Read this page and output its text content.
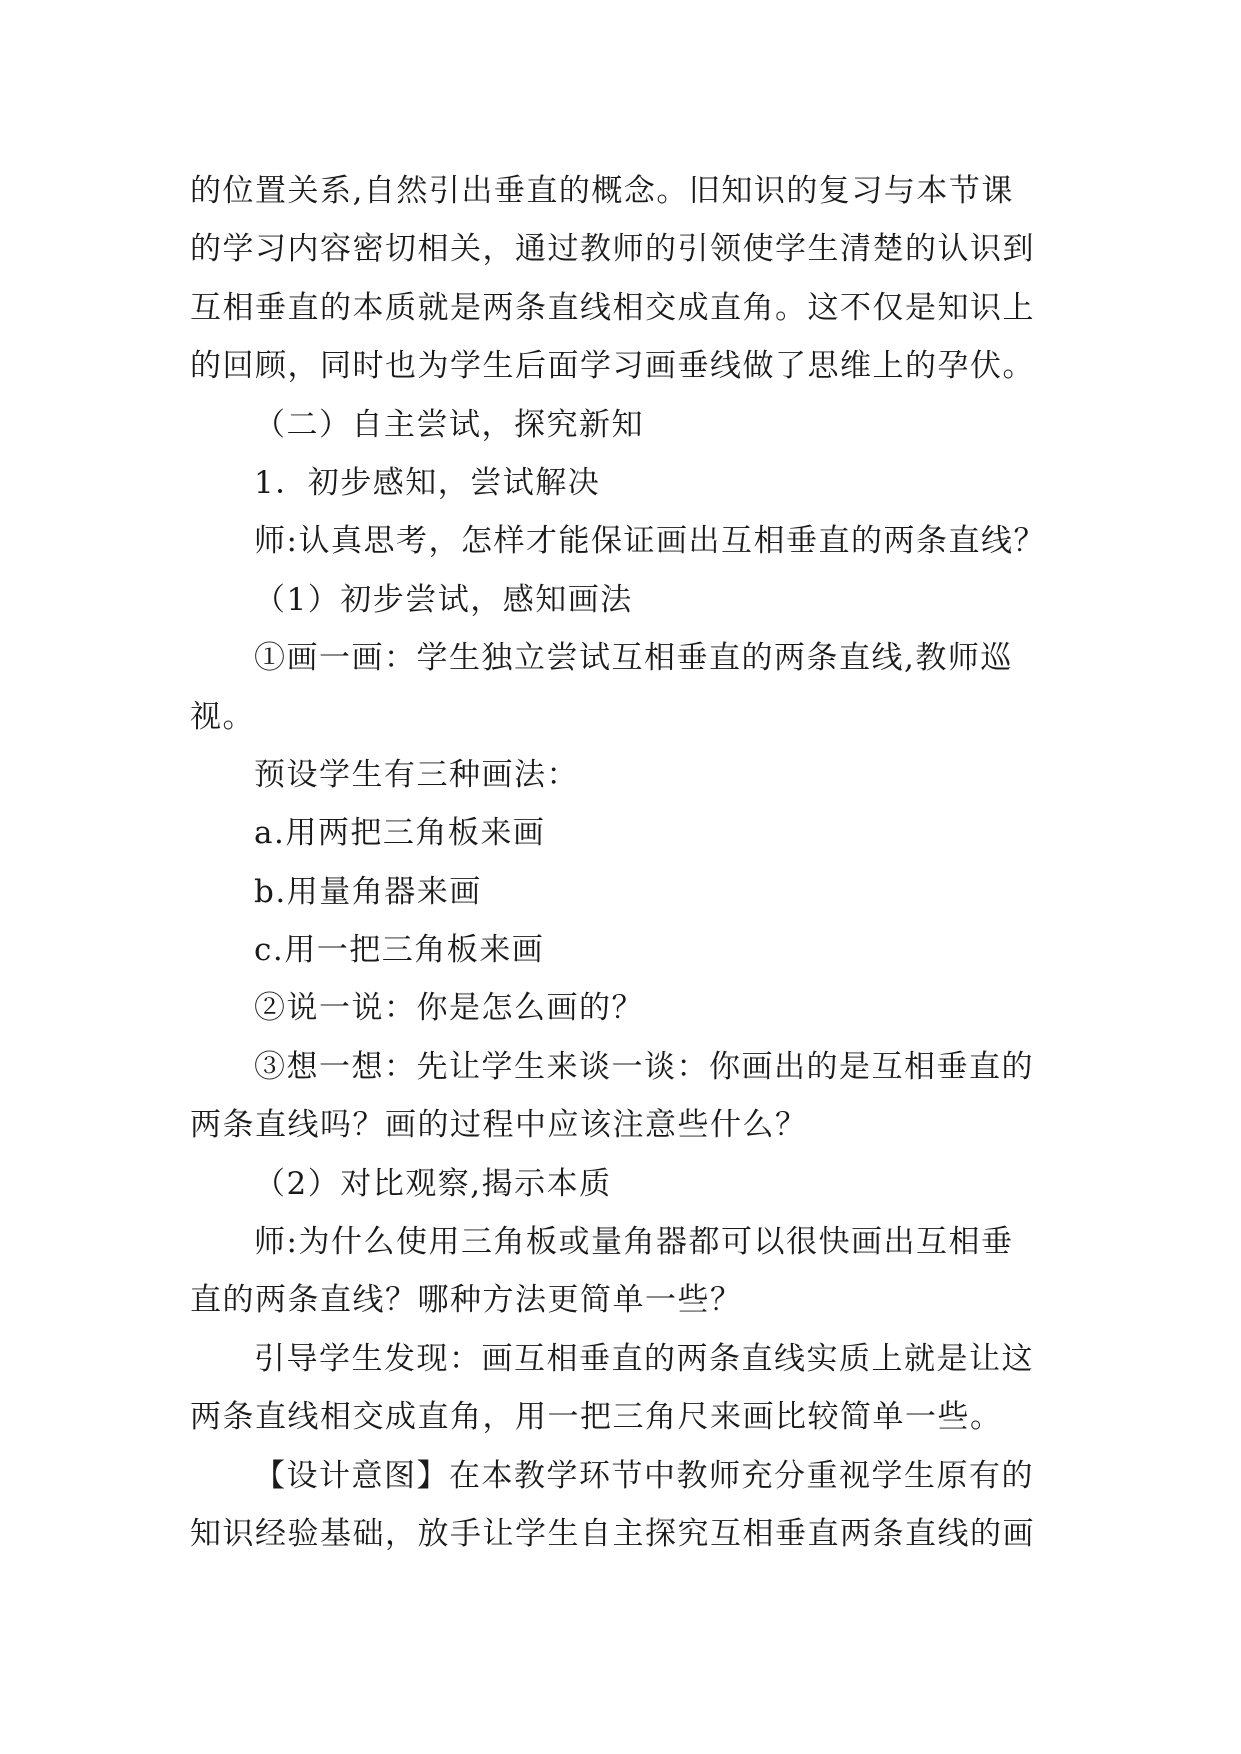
的位置关系,自然引出垂直的概念。旧知识的复习与本节课
的学习内容密切相关，通过教师的引领使学生清楚的认识到
互相垂直的本质就是两条直线相交成直角。这不仅是知识上
的回顾，同时也为学生后面学习画垂线做了思维上的孕伏。
（二）自主尝试，探究新知
1．初步感知，尝试解决
师:认真思考，怎样才能保证画出互相垂直的两条直线？
（1）初步尝试，感知画法
①画一画：学生独立尝试互相垂直的两条直线,教师巡
视。
预设学生有三种画法：
a.用两把三角板来画
b.用量角器来画
c.用一把三角板来画
②说一说：你是怎么画的？
③想一想：先让学生来谈一谈：你画出的是互相垂直的
两条直线吗？画的过程中应该注意些什么？
（2）对比观察,揭示本质
师:为什么使用三角板或量角器都可以很快画出互相垂
直的两条直线？哪种方法更简单一些？
引导学生发现：画互相垂直的两条直线实质上就是让这
两条直线相交成直角，用一把三角尺来画比较简单一些。
【设计意图】在本教学环节中教师充分重视学生原有的
知识经验基础，放手让学生自主探究互相垂直两条直线的画
